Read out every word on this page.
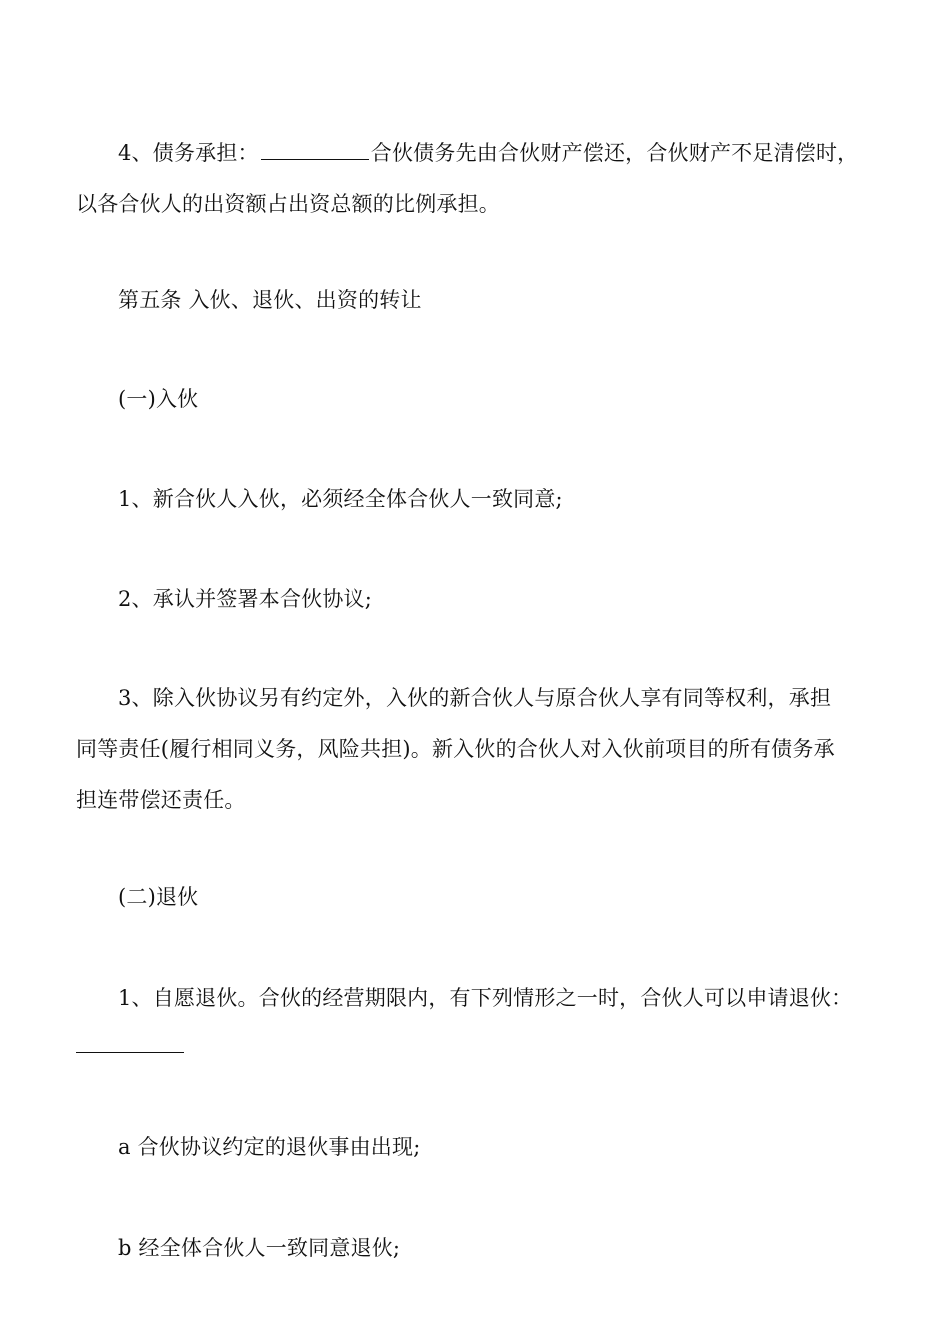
4、债务承担：	合伙债务先由合伙财产偿还，合伙财产不足清偿时，
以各合伙人的出资额占出资总额的比例承担。
第五条 入伙、退伙、出资的转让
(一)入伙
1、新合伙人入伙，必须经全体合伙人一致同意;
2、承认并签署本合伙协议;
3、除入伙协议另有约定外，入伙的新合伙人与原合伙人享有同等权利，承担
同等责任(履行相同义务，风险共担)。新入伙的合伙人对入伙前项目的所有债务承
担连带偿还责任。
(二)退伙
1、自愿退伙。合伙的经营期限内，有下列情形之一时，合伙人可以申请退伙：
a 合伙协议约定的退伙事由出现;
b 经全体合伙人一致同意退伙;
